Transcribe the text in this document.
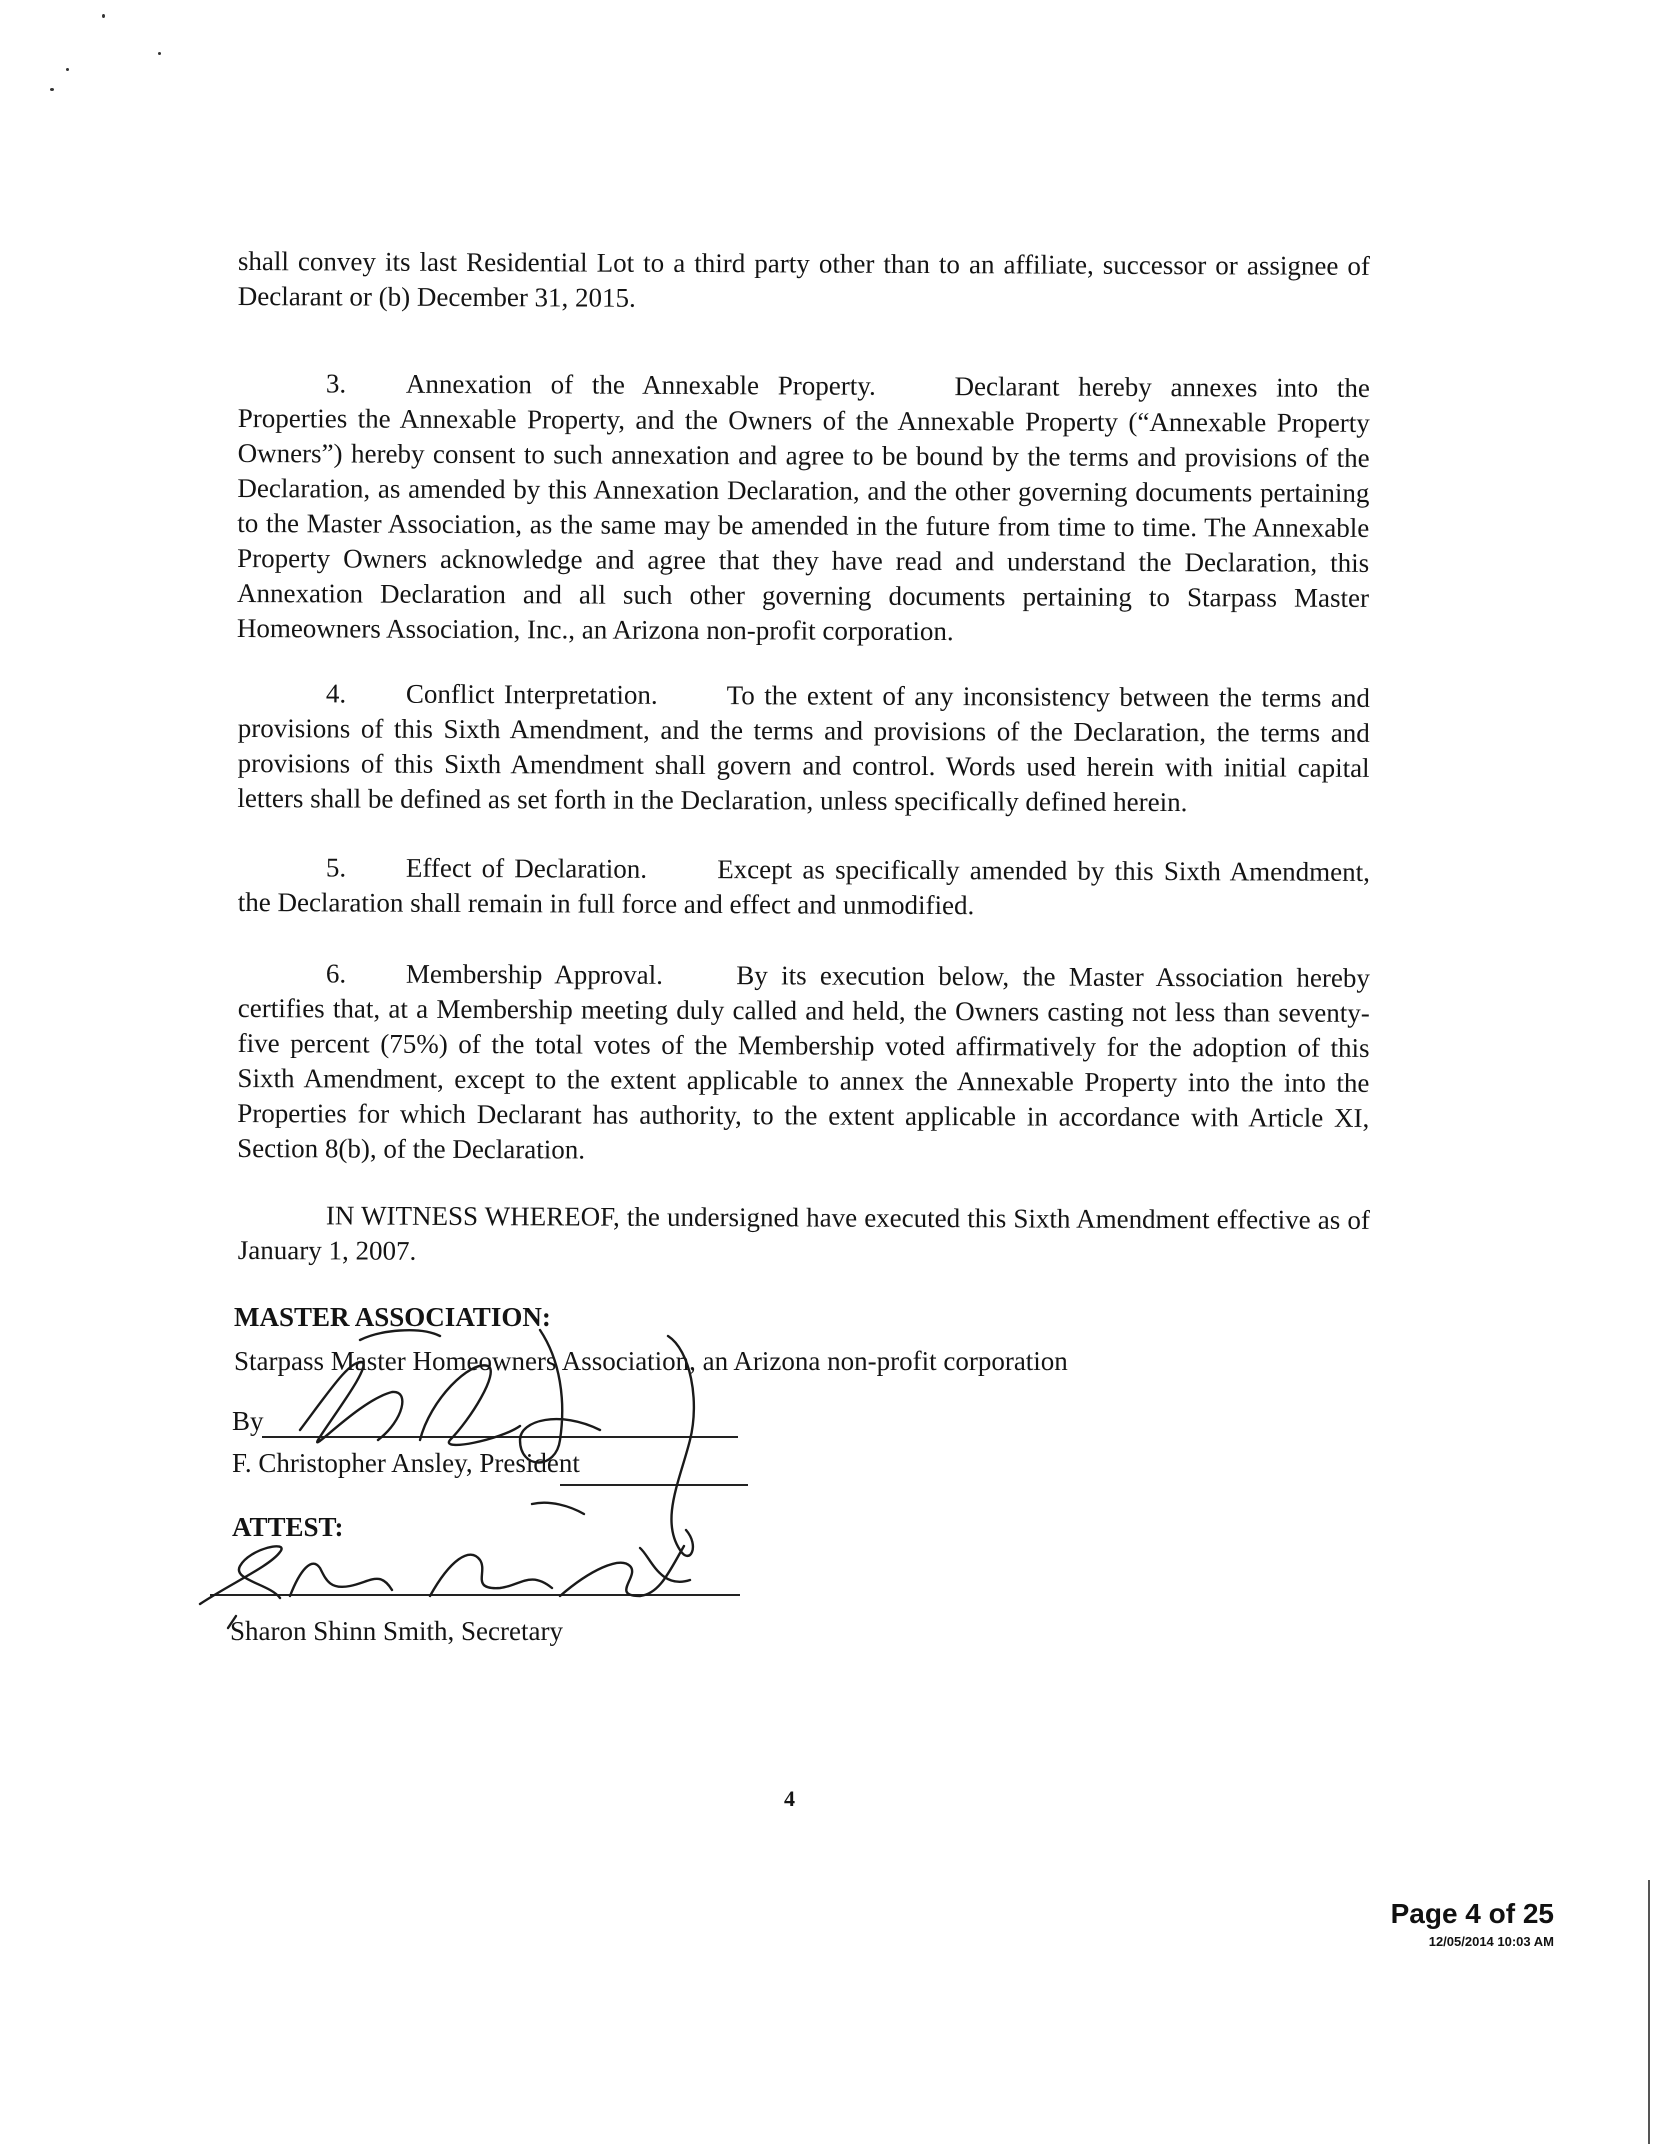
shall convey its last Residential Lot to a third party other than to an affiliate, successor or assignee of Declarant or (b) December 31, 2015.

3. Annexation of the Annexable Property.	Declarant hereby annexes into the Properties the Annexable Property, and the Owners of the Annexable Property (“Annexable Property Owners”) hereby consent to such annexation and agree to be bound by the terms and provisions of the Declaration, as amended by this Annexation Declaration, and the other governing documents pertaining to the Master Association, as the same may be amended in the future from time to time. The Annexable Property Owners acknowledge and agree that they have read and understand the Declaration, this Annexation Declaration and all such other governing documents pertaining to Starpass Master Homeowners Association, Inc., an Arizona non-profit corporation.

4. Conflict Interpretation.	To the extent of any inconsistency between the terms and provisions of this Sixth Amendment, and the terms and provisions of the Declaration, the terms and provisions of this Sixth Amendment shall govern and control. Words used herein with initial capital letters shall be defined as set forth in the Declaration, unless specifically defined herein.

5. Effect of Declaration.	Except as specifically amended by this Sixth Amendment, the Declaration shall remain in full force and effect and unmodified.

6. Membership Approval.	By its execution below, the Master Association hereby certifies that, at a Membership meeting duly called and held, the Owners casting not less than seventy-five percent (75%) of the total votes of the Membership voted affirmatively for the adoption of this Sixth Amendment, except to the extent applicable to annex the Annexable Property into the into the Properties for which Declarant has authority, to the extent applicable in accordance with Article XI, Section 8(b), of the Declaration.

IN WITNESS WHEREOF, the undersigned have executed this Sixth Amendment effective as of January 1, 2007.

MASTER ASSOCIATION:
Starpass Master Homeowners Association, an Arizona non-profit corporation
By
F. Christopher Ansley, President
ATTEST:
Sharon Shinn Smith, Secretary
4
Page 4 of 25
12/05/2014 10:03 AM
